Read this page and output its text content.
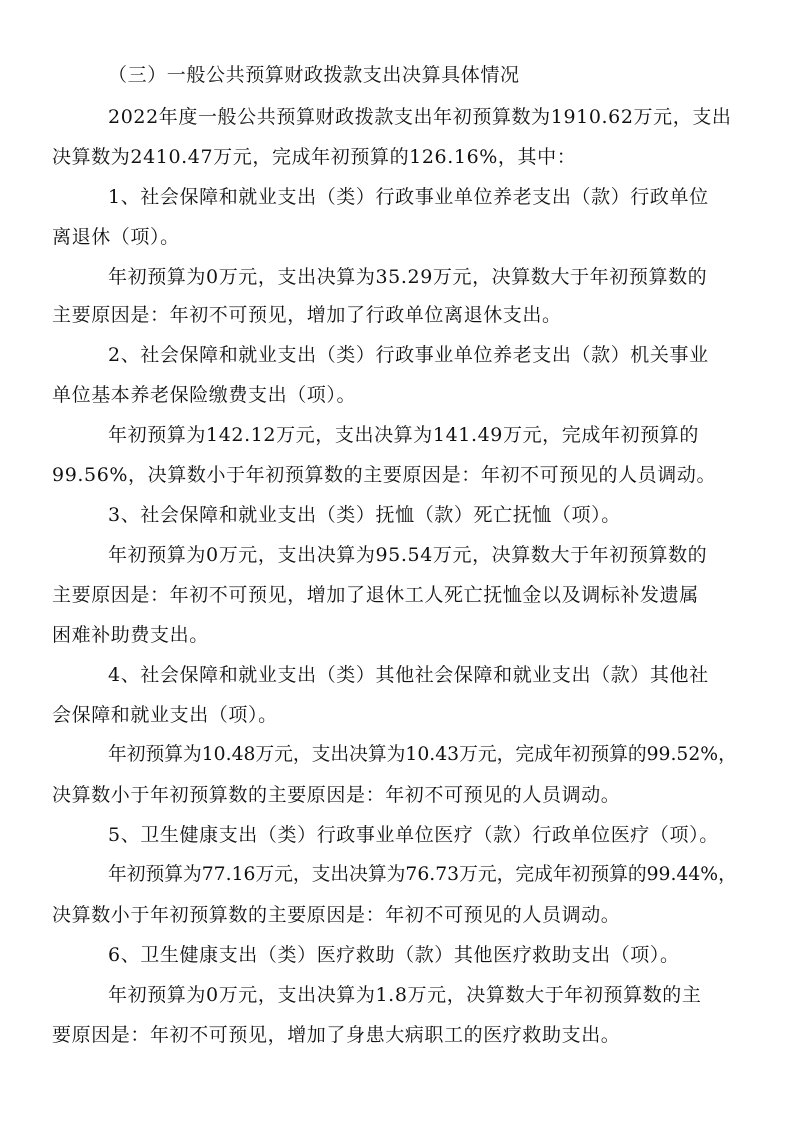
（三）一般公共预算财政拨款支出决算具体情况
2022年度一般公共预算财政拨款支出年初预算数为1910.62万元，支出
决算数为2410.47万元，完成年初预算的126.16%，其中：
1、社会保障和就业支出（类）行政事业单位养老支出（款）行政单位
离退休（项）。
年初预算为0万元，支出决算为35.29万元，决算数大于年初预算数的
主要原因是：年初不可预见，增加了行政单位离退休支出。
2、社会保障和就业支出（类）行政事业单位养老支出（款）机关事业
单位基本养老保险缴费支出（项）。
年初预算为142.12万元，支出决算为141.49万元，完成年初预算的
99.56%，决算数小于年初预算数的主要原因是：年初不可预见的人员调动。
3、社会保障和就业支出（类）抚恤（款）死亡抚恤（项）。
年初预算为0万元，支出决算为95.54万元，决算数大于年初预算数的
主要原因是：年初不可预见，增加了退休工人死亡抚恤金以及调标补发遗属
困难补助费支出。
4、社会保障和就业支出（类）其他社会保障和就业支出（款）其他社
会保障和就业支出（项）。
年初预算为10.48万元，支出决算为10.43万元，完成年初预算的99.52%，
决算数小于年初预算数的主要原因是：年初不可预见的人员调动。
5、卫生健康支出（类）行政事业单位医疗（款）行政单位医疗（项）。
年初预算为77.16万元，支出决算为76.73万元，完成年初预算的99.44%，
决算数小于年初预算数的主要原因是：年初不可预见的人员调动。
6、卫生健康支出（类）医疗救助（款）其他医疗救助支出（项）。
年初预算为0万元，支出决算为1.8万元，决算数大于年初预算数的主
要原因是：年初不可预见，增加了身患大病职工的医疗救助支出。
